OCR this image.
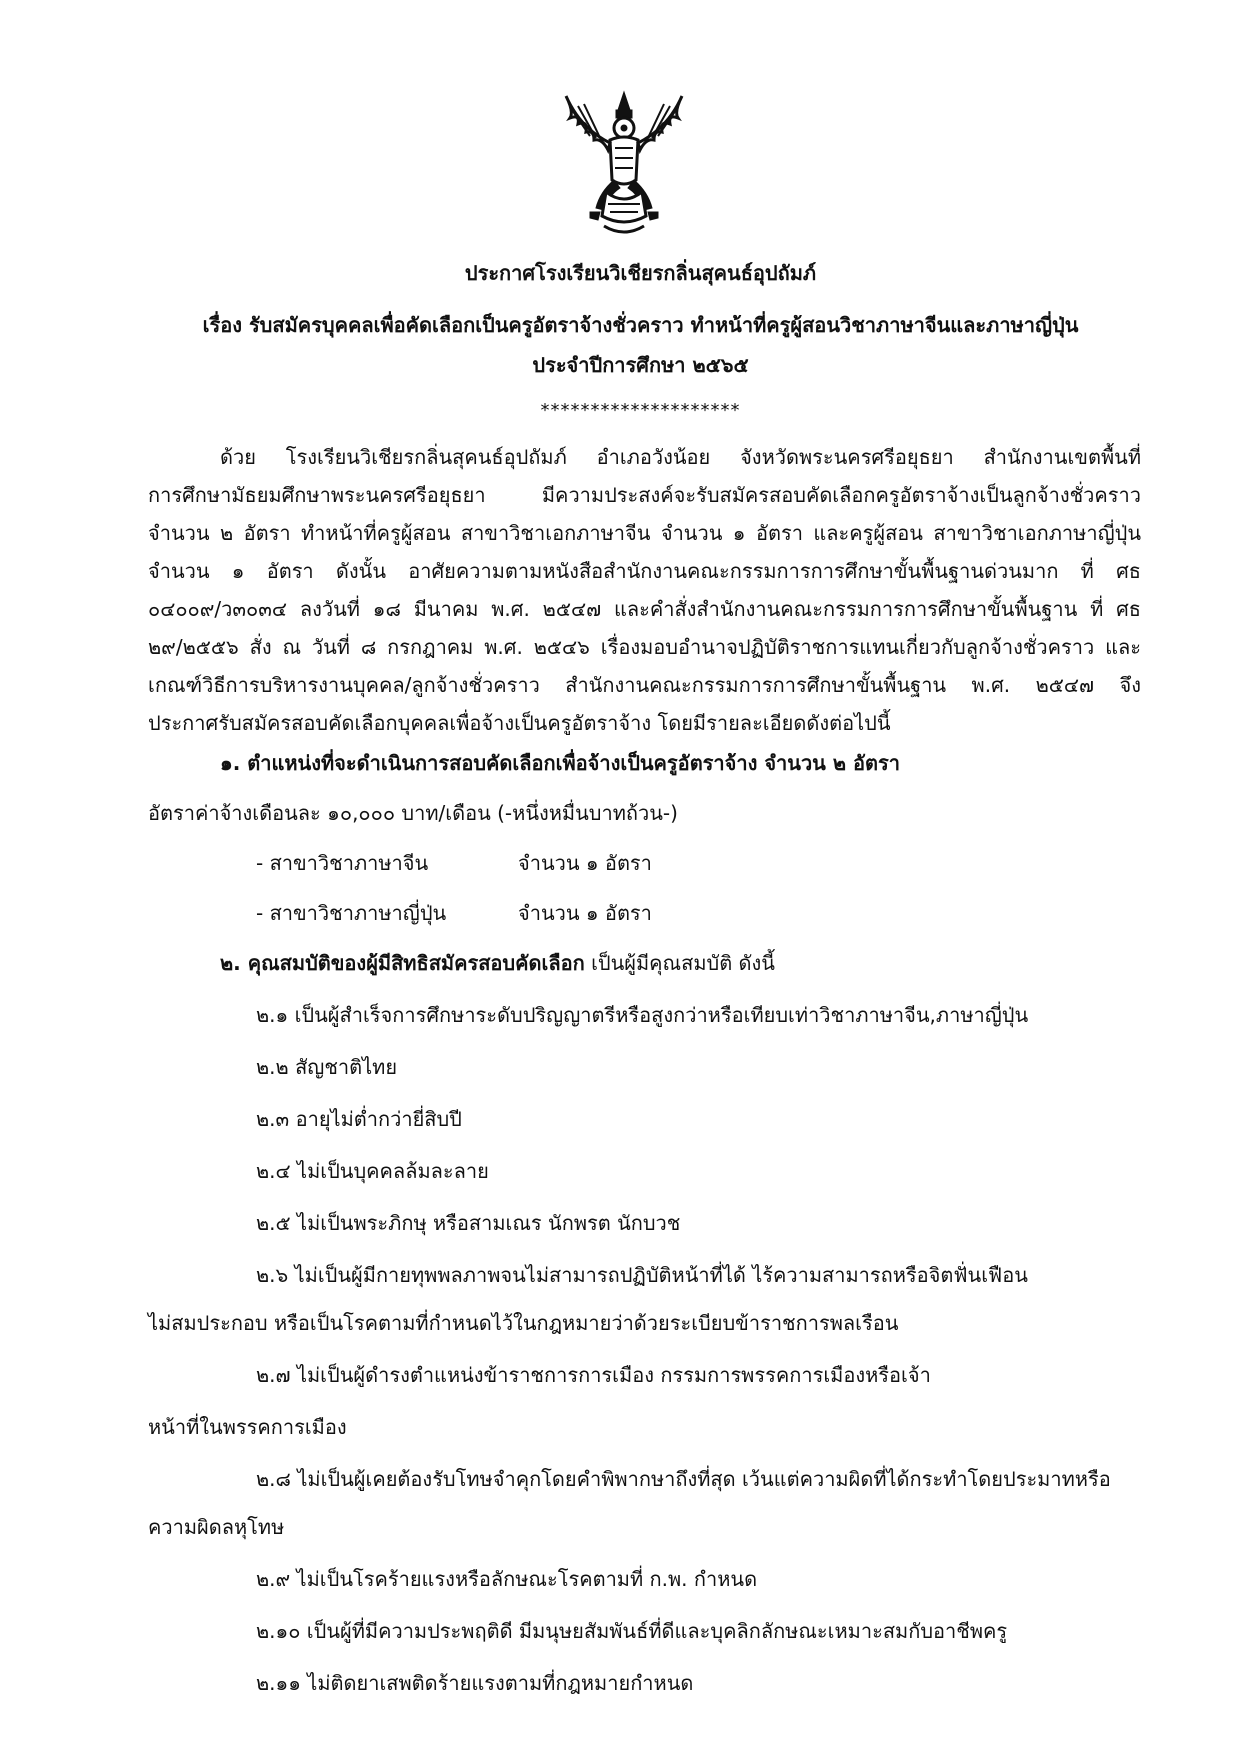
ประกาศโรงเรียนวิเชียรกลิ่นสุคนธ์อุปถัมภ์
เรื่อง รับสมัครบุคคลเพื่อคัดเลือกเป็นครูอัตราจ้างชั่วคราว ทำหน้าที่ครูผู้สอนวิชาภาษาจีนและภาษาญี่ปุ่น
ประจำปีการศึกษา ๒๕๖๕
********************
ด้วย โรงเรียนวิเชียรกลิ่นสุคนธ์อุปถัมภ์ อำเภอวังน้อย จังหวัดพระนครศรีอยุธยา สำนักงานเขตพื้นที่
การศึกษามัธยมศึกษาพระนครศรีอยุธยา มีความประสงค์จะรับสมัครสอบคัดเลือกครูอัตราจ้างเป็นลูกจ้างชั่วคราว
จำนวน ๒ อัตรา ทำหน้าที่ครูผู้สอน สาขาวิชาเอกภาษาจีน จำนวน ๑ อัตรา และครูผู้สอน สาขาวิชาเอกภาษาญี่ปุ่น
จำนวน ๑ อัตรา ดังนั้น อาศัยความตามหนังสือสำนักงานคณะกรรมการการศึกษาขั้นพื้นฐานด่วนมาก ที่ ศธ
๐๔๐๐๙/ว๓๐๓๔ ลงวันที่ ๑๘ มีนาคม พ.ศ. ๒๕๔๗ และคำสั่งสำนักงานคณะกรรมการการศึกษาขั้นพื้นฐาน ที่ ศธ
๒๙/๒๕๕๖ สั่ง ณ วันที่ ๘ กรกฎาคม พ.ศ. ๒๕๔๖ เรื่องมอบอำนาจปฏิบัติราชการแทนเกี่ยวกับลูกจ้างชั่วคราว และ
เกณฑ์วิธีการบริหารงานบุคคล/ลูกจ้างชั่วคราว สำนักงานคณะกรรมการการศึกษาขั้นพื้นฐาน พ.ศ. ๒๕๔๗ จึง
ประกาศรับสมัครสอบคัดเลือกบุคคลเพื่อจ้างเป็นครูอัตราจ้าง โดยมีรายละเอียดดังต่อไปนี้
๑. ตำแหน่งที่จะดำเนินการสอบคัดเลือกเพื่อจ้างเป็นครูอัตราจ้าง จำนวน ๒ อัตรา
อัตราค่าจ้างเดือนละ ๑๐,๐๐๐ บาท/เดือน (-หนึ่งหมื่นบาทถ้วน-)
- สาขาวิชาภาษาจีน	จำนวน ๑ อัตรา
- สาขาวิชาภาษาญี่ปุ่น	จำนวน ๑ อัตรา
๒. คุณสมบัติของผู้มีสิทธิสมัครสอบคัดเลือก เป็นผู้มีคุณสมบัติ ดังนี้
๒.๑ เป็นผู้สำเร็จการศึกษาระดับปริญญาตรีหรือสูงกว่าหรือเทียบเท่าวิชาภาษาจีน,ภาษาญี่ปุ่น
๒.๒ สัญชาติไทย
๒.๓ อายุไม่ต่ำกว่ายี่สิบปี
๒.๔ ไม่เป็นบุคคลล้มละลาย
๒.๕ ไม่เป็นพระภิกษุ หรือสามเณร นักพรต นักบวช
๒.๖ ไม่เป็นผู้มีกายทุพพลภาพจนไม่สามารถปฏิบัติหน้าที่ได้ ไร้ความสามารถหรือจิตฟั่นเฟือน
ไม่สมประกอบ หรือเป็นโรคตามที่กำหนดไว้ในกฎหมายว่าด้วยระเบียบข้าราชการพลเรือน
๒.๗ ไม่เป็นผู้ดำรงตำแหน่งข้าราชการการเมือง กรรมการพรรคการเมืองหรือเจ้า
หน้าที่ในพรรคการเมือง
๒.๘ ไม่เป็นผู้เคยต้องรับโทษจำคุกโดยคำพิพากษาถึงที่สุด เว้นแต่ความผิดที่ได้กระทำโดยประมาทหรือ
ความผิดลหุโทษ
๒.๙ ไม่เป็นโรคร้ายแรงหรือลักษณะโรคตามที่ ก.พ. กำหนด
๒.๑๐ เป็นผู้ที่มีความประพฤติดี มีมนุษยสัมพันธ์ที่ดีและบุคลิกลักษณะเหมาะสมกับอาชีพครู
๒.๑๑ ไม่ติดยาเสพติดร้ายแรงตามที่กฎหมายกำหนด
